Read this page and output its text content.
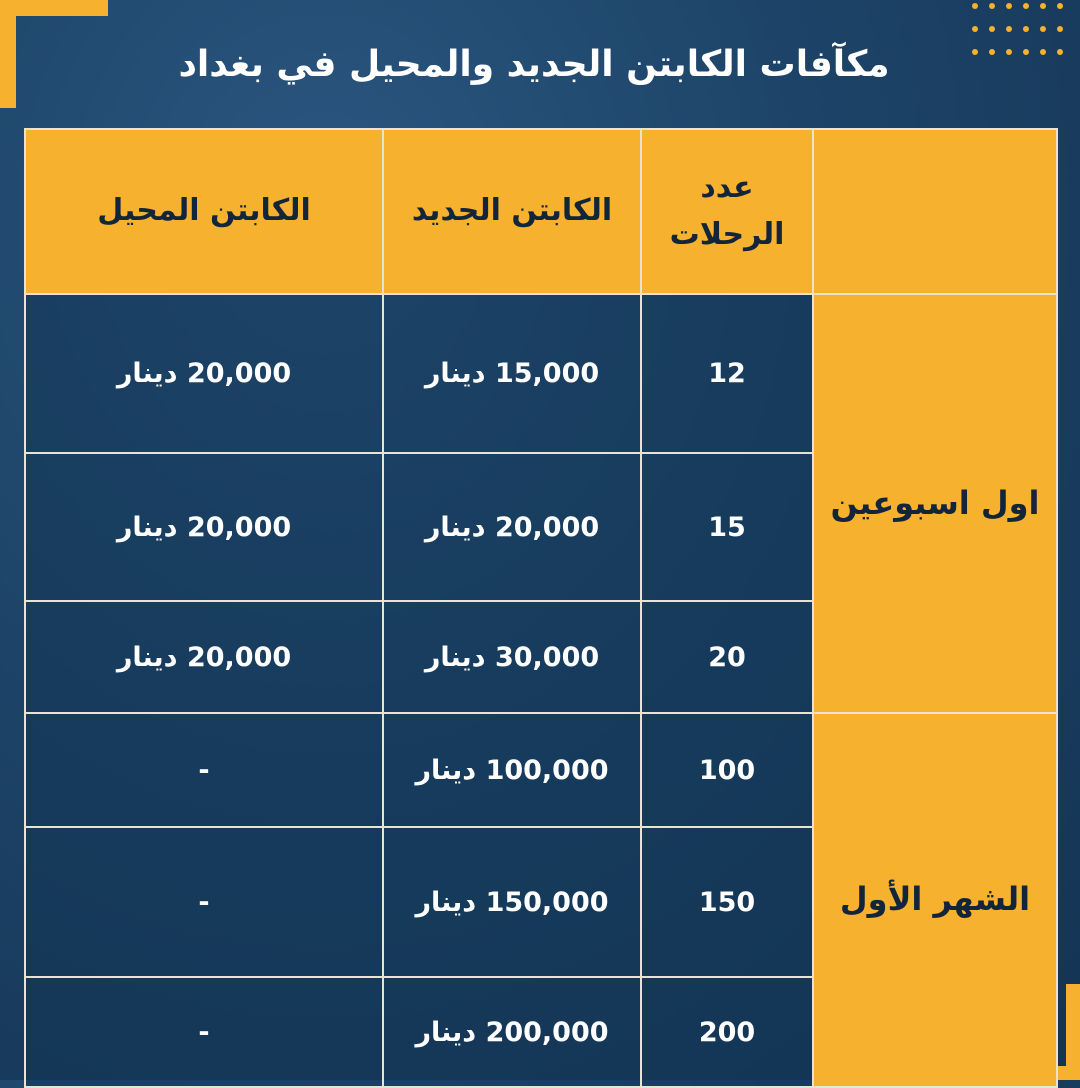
مكآفات الكابتن الجديد والمحيل في بغداد
	عدد الرحلات	الكابتن الجديد	الكابتن المحيل
اول اسبوعين	12	15,000 دينار	20,000 دينار
	15	20,000 دينار	20,000 دينار
	20	30,000 دينار	20,000 دينار
الشهر الأول	100	100,000 دينار	-
	150	150,000 دينار	-
	200	200,000 دينار	-
